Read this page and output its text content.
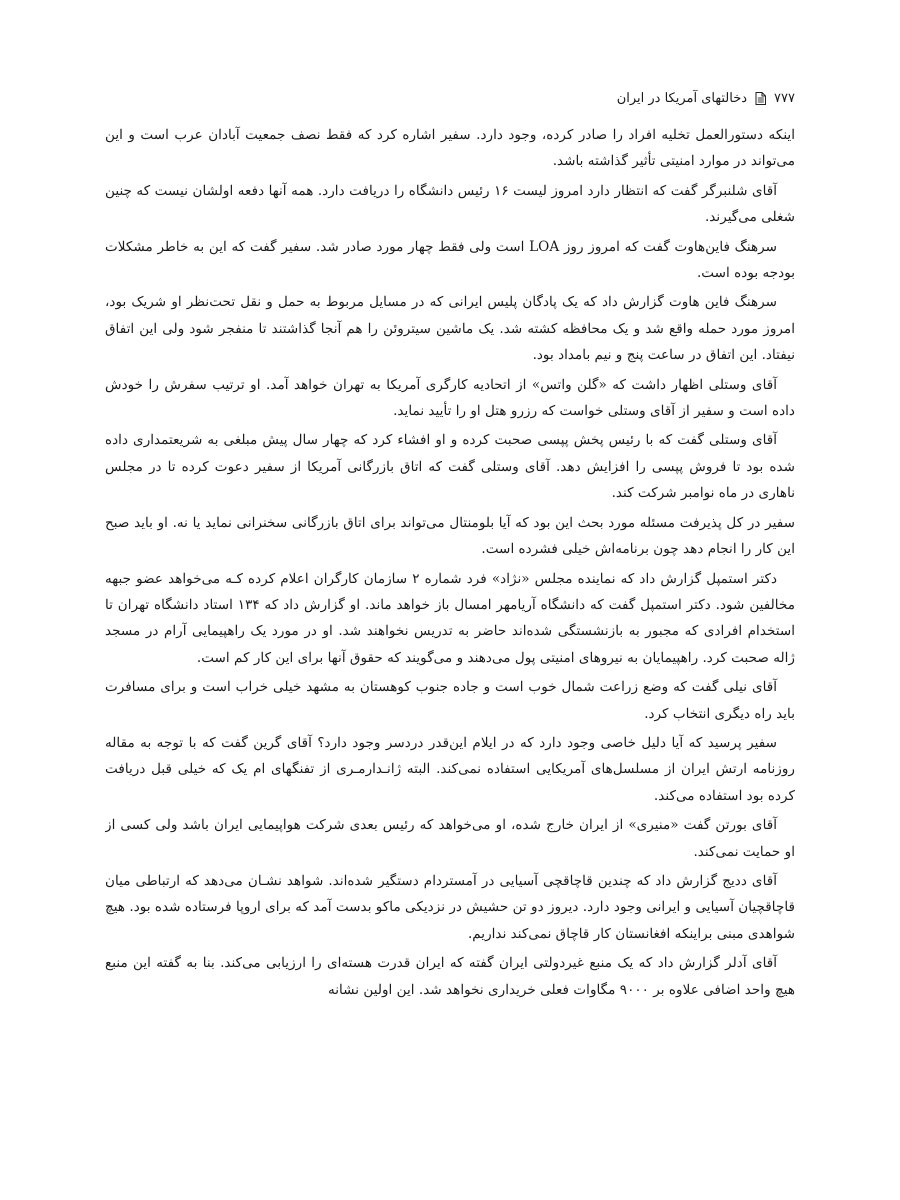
۷۷۷
دخالتهای آمریکا در ایران

اینکه دستورالعمل تخلیه افراد را صادر کرده، وجود دارد. سفیر اشاره کرد که فقط نصف جمعیت آبادان عرب است و این می‌تواند در موارد امنیتی تأثیر گذاشته باشد.

آقای شلنبرگر گفت که انتظار دارد امروز لیست ۱۶ رئیس دانشگاه را دریافت دارد. همه آنها دفعه اولشان نیست که چنین شغلی می‌گیرند.

سرهنگ فاین‌هاوت گفت که امروز روز LOA است ولی فقط چهار مورد صادر شد. سفیر گفت که این به خاطر مشکلات بودجه بوده است.

سرهنگ فاین هاوت گزارش داد که یک پادگان پلیس ایرانی که در مسایل مربوط به حمل و نقل تحت‌نظر او شریک بود، امروز مورد حمله واقع شد و یک محافظه کشته شد. یک ماشین سیتروئن را هم آنجا گذاشتند تا منفجر شود ولی این اتفاق نیفتاد. این اتفاق در ساعت پنج و نیم بامداد بود.

آقای وستلی اظهار داشت که «گلن واتس» از اتحادیه کارگری آمریکا به تهران خواهد آمد. او ترتیب سفرش را خودش داده است و سفیر از آقای وستلی خواست که رزرو هتل او را تأیید نماید.

آقای وستلی گفت که با رئیس پخش پپسی صحبت کرده و او افشاء کرد که چهار سال پیش مبلغی به شریعتمداری داده شده بود تا فروش پپسی را افزایش دهد. آقای وستلی گفت که اتاق بازرگانی آمریکا از سفیر دعوت کرده تا در مجلس ناهاری در ماه نوامبر شرکت کند.

سفیر در کل پذیرفت مسئله مورد بحث این بود که آیا بلومنتال می‌تواند برای اتاق بازرگانی سخنرانی نماید یا نه. او باید صبح این کار را انجام دهد چون برنامه‌اش خیلی فشرده است.

دکتر استمپل گزارش داد که نماینده مجلس «نژاد» فرد شماره ۲ سازمان کارگران اعلام کرده کـه می‌خواهد عضو جبهه مخالفین شود. دکتر استمپل گفت که دانشگاه آریامهر امسال باز خواهد ماند. او گزارش داد که ۱۳۴ استاد دانشگاه تهران تا استخدام افرادی که مجبور به بازنشستگی شده‌اند حاضر به تدریس نخواهند شد. او در مورد یک راهپیمایی آرام در مسجد ژاله صحبت کرد. راهپیمایان به نیروهای امنیتی پول می‌دهند و می‌گویند که حقوق آنها برای این کار کم است.

آقای نیلی گفت که وضع زراعت شمال خوب است و جاده جنوب کوهستان به مشهد خیلی خراب است و برای مسافرت باید راه دیگری انتخاب کرد.

سفیر پرسید که آیا دلیل خاصی وجود دارد که در ایلام این‌قدر دردسر وجود دارد؟ آقای گرین گفت که با توجه به مقاله روزنامه ارتش ایران از مسلسل‌های آمریکایی استفاده نمی‌کند. البته ژانـدارمـری از تفنگهای ام یک که خیلی قبل دریافت کرده بود استفاده می‌کند.

آقای بورتن گفت «منیری» از ایران خارج شده، او می‌خواهد که رئیس بعدی شرکت هواپیمایی ایران باشد ولی کسی از او حمایت نمی‌کند.

آقای ددیج گزارش داد که چندین قاچاقچی آسیایی در آمستردام دستگیر شده‌اند. شواهد نشـان می‌دهد که ارتباطی میان قاچاقچیان آسیایی و ایرانی وجود دارد. دیروز دو تن حشیش در نزدیکی ماکو بدست آمد که برای اروپا فرستاده شده بود. هیچ شواهدی مبنی براینکه افغانستان کار قاچاق نمی‌کند نداریم.

آقای آدلر گزارش داد که یک منبع غیردولتی ایران گفته که ایران قدرت هسته‌ای را ارزیابی می‌کند. بنا به گفته این منبع هیچ واحد اضافی علاوه بر ۹۰۰۰ مگاوات فعلی خریداری نخواهد شد. این اولین نشانه
